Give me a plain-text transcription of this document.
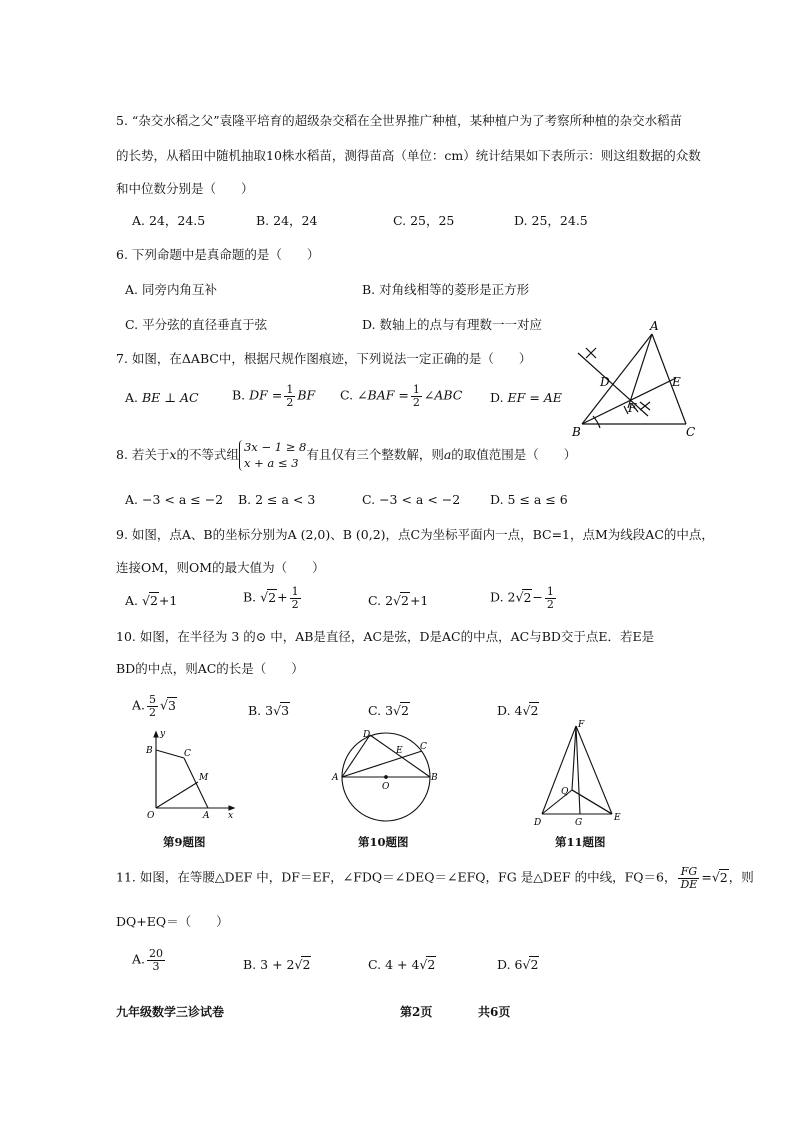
5. “杂交水稻之父”袁隆平培育的超级杂交稻在全世界推广种植，某种植户为了考察所种植的杂交水稻苗
的长势，从稻田中随机抽取10株水稻苗，测得苗高（单位：cm）统计结果如下表所示：则这组数据的众数
和中位数分别是（　　）
A. 24，24.5	B. 24，24	C. 25，25	D. 25，24.5
6. 下列命题中是真命题的是（　　）
A. 同旁内角互补	B. 对角线相等的菱形是正方形
C. 平分弦的直径垂直于弦	D. 数轴上的点与有理数一一对应
7. 如图，在ΔABC中，根据尺规作图痕迹，下列说法一定正确的是（　　）
A. BE ⊥ AC	B. DF = $\frac{1}{2}$ BF C. ∠BAF = $\frac{1}{2}$ ∠ABC D. EF = AE
A
B	C
D	E
F
8. 若关于x的不等式组
3x − 1 ≥ 8
x + a ≤ 3
有且仅有三个整数解，则a的取值范围是（　　）
A. −3 < a ≤ −2 B. 2 ≤ a < 3	C. −3 < a < −2 D. 5 ≤ a ≤ 6
9. 如图，点A、B的坐标分别为A (2,0)、B (0,2)，点C为坐标平面内一点，BC=1，点M为线段AC的中点，
连接OM，则OM的最大值为（　　）
A. √2+1	B. $√2+ \frac{1}{2}$	C. 2√2+1	D. $2√2- \frac{1}{2}$
10. 如图，在半径为 3 的⊙ 中，AB是直径，AC是弦，D是AC的中点，AC与BD交于点E．若E是
BD的中点，则AC的长是（　　）
A. $\frac{5}{2} √3$	B. 3√3	C. 3√2	D. 4√2
B	C
M
O	A x
y
第9题图
D
E C
A	B
O
第10题图
F
Q
D	G	E
第11题图
11. 如图，在等腰△DEF 中，DF＝EF，∠FDQ＝∠DEQ＝∠EFQ，FG 是△DEF 的中线，FQ＝6， $\frac{FG}{DE} =√2$，则
DQ+EQ＝（　　）
A. $\frac{20}{3}$	B. 3 + 2√2	C. 4 + 4√2	D. 6√2
九年级数学三诊试卷	第2页	共6页
